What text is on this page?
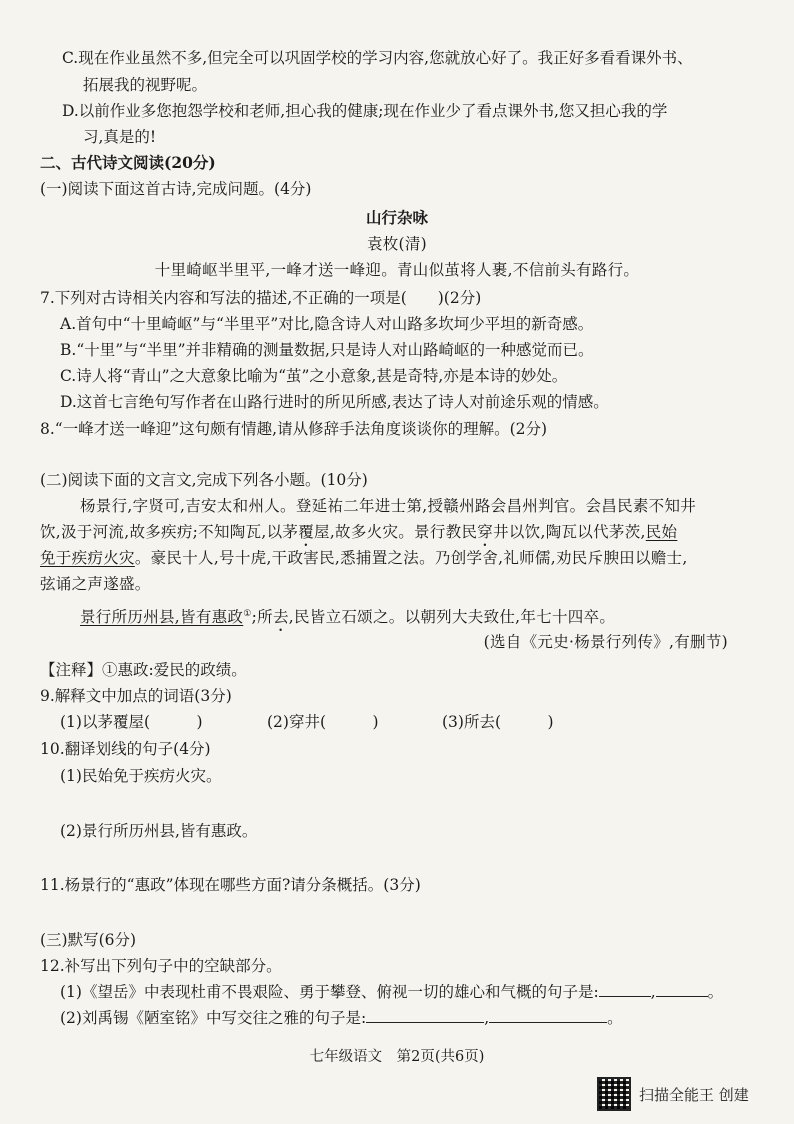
C.现在作业虽然不多,但完全可以巩固学校的学习内容,您就放心好了。我正好多看看课外书、
拓展我的视野呢。
D.以前作业多您抱怨学校和老师,担心我的健康;现在作业少了看点课外书,您又担心我的学
习,真是的!
二、古代诗文阅读(20分)
(一)阅读下面这首古诗,完成问题。(4分)
山行杂咏
袁枚(清)
十里崎岖半里平,一峰才送一峰迎。青山似茧将人裹,不信前头有路行。
7.下列对古诗相关内容和写法的描述,不正确的一项是(　　)(2分)
A.首句中“十里崎岖”与“半里平”对比,隐含诗人对山路多坎坷少平坦的新奇感。
B.“十里”与“半里”并非精确的测量数据,只是诗人对山路崎岖的一种感觉而已。
C.诗人将“青山”之大意象比喻为“茧”之小意象,甚是奇特,亦是本诗的妙处。
D.这首七言绝句写作者在山路行进时的所见所感,表达了诗人对前途乐观的情感。
8.“一峰才送一峰迎”这句颇有情趣,请从修辞手法角度谈谈你的理解。(2分)
(二)阅读下面的文言文,完成下列各小题。(10分)
杨景行,字贤可,吉安太和州人。登延祐二年进士第,授赣州路会昌州判官。会昌民素不知井
饮,汲于河流,故多疾疠;不知陶瓦,以茅覆屋,故多火灾。景行教民穿井以饮,陶瓦以代茅茨,民始
免于疾疠火灾。豪民十人,号十虎,干政害民,悉捕置之法。乃创学舍,礼师儒,劝民斥腴田以赡士,
弦诵之声遂盛。
景行所历州县,皆有惠政①;所去,民皆立石颂之。以朝列大夫致仕,年七十四卒。
(选自《元史·杨景行列传》,有删节)
【注释】①惠政:爱民的政绩。
9.解释文中加点的词语(3分)
(1)以茅覆屋(　　　)	(2)穿井(　　　)	(3)所去(　　　)
10.翻译划线的句子(4分)
(1)民始免于疾疠火灾。
(2)景行所历州县,皆有惠政。
11.杨景行的“惠政”体现在哪些方面?请分条概括。(3分)
(三)默写(6分)
12.补写出下列句子中的空缺部分。
(1)《望岳》中表现杜甫不畏艰险、勇于攀登、俯视一切的雄心和气概的句子是:	,	。
(2)刘禹锡《陋室铭》中写交往之雅的句子是:	,	。
七年级语文　第2页(共6页)
扫描全能王 创建
